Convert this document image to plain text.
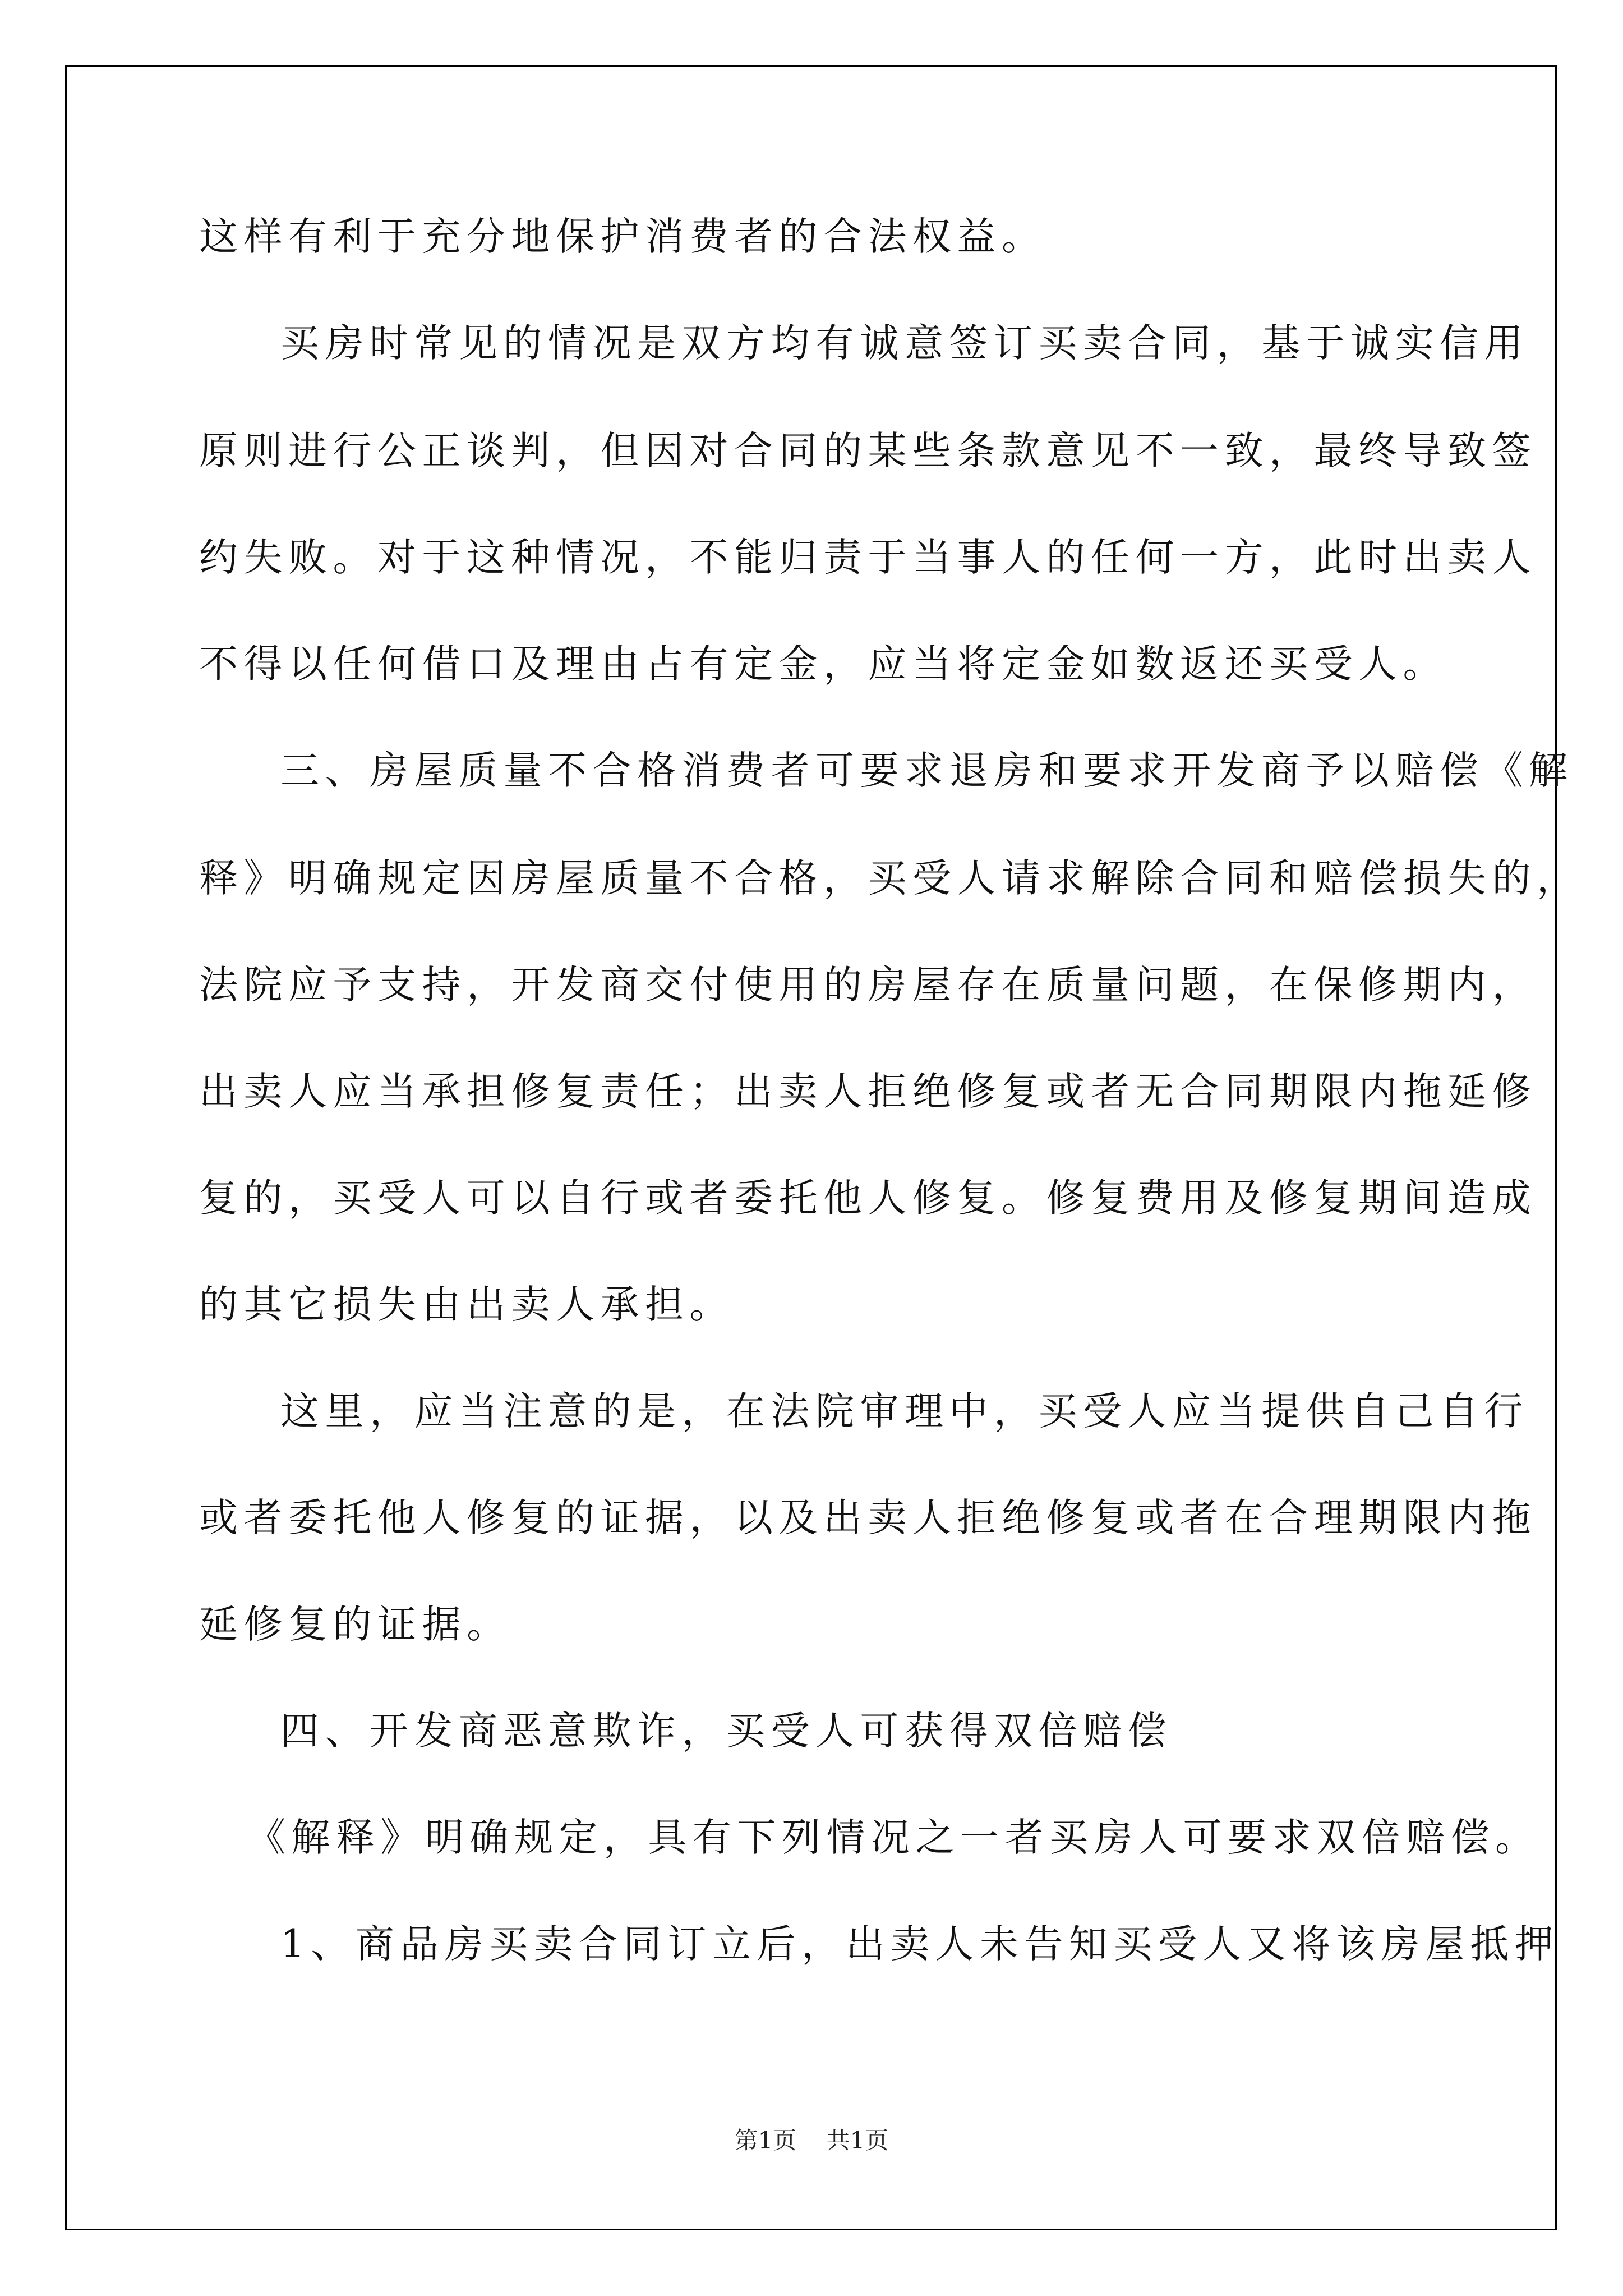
这样有利于充分地保护消费者的合法权益。
买房时常见的情况是双方均有诚意签订买卖合同，基于诚实信用
原则进行公正谈判，但因对合同的某些条款意见不一致，最终导致签
约失败。对于这种情况，不能归责于当事人的任何一方，此时出卖人
不得以任何借口及理由占有定金，应当将定金如数返还买受人。
三、房屋质量不合格消费者可要求退房和要求开发商予以赔偿《解
释》明确规定因房屋质量不合格，买受人请求解除合同和赔偿损失的，
法院应予支持，开发商交付使用的房屋存在质量问题，在保修期内，
出卖人应当承担修复责任；出卖人拒绝修复或者无合同期限内拖延修
复的，买受人可以自行或者委托他人修复。修复费用及修复期间造成
的其它损失由出卖人承担。
这里，应当注意的是，在法院审理中，买受人应当提供自己自行
或者委托他人修复的证据，以及出卖人拒绝修复或者在合理期限内拖
延修复的证据。
四、开发商恶意欺诈，买受人可获得双倍赔偿
《解释》明确规定，具有下列情况之一者买房人可要求双倍赔偿。
1、商品房买卖合同订立后，出卖人未告知买受人又将该房屋抵押
第1页 共1页
